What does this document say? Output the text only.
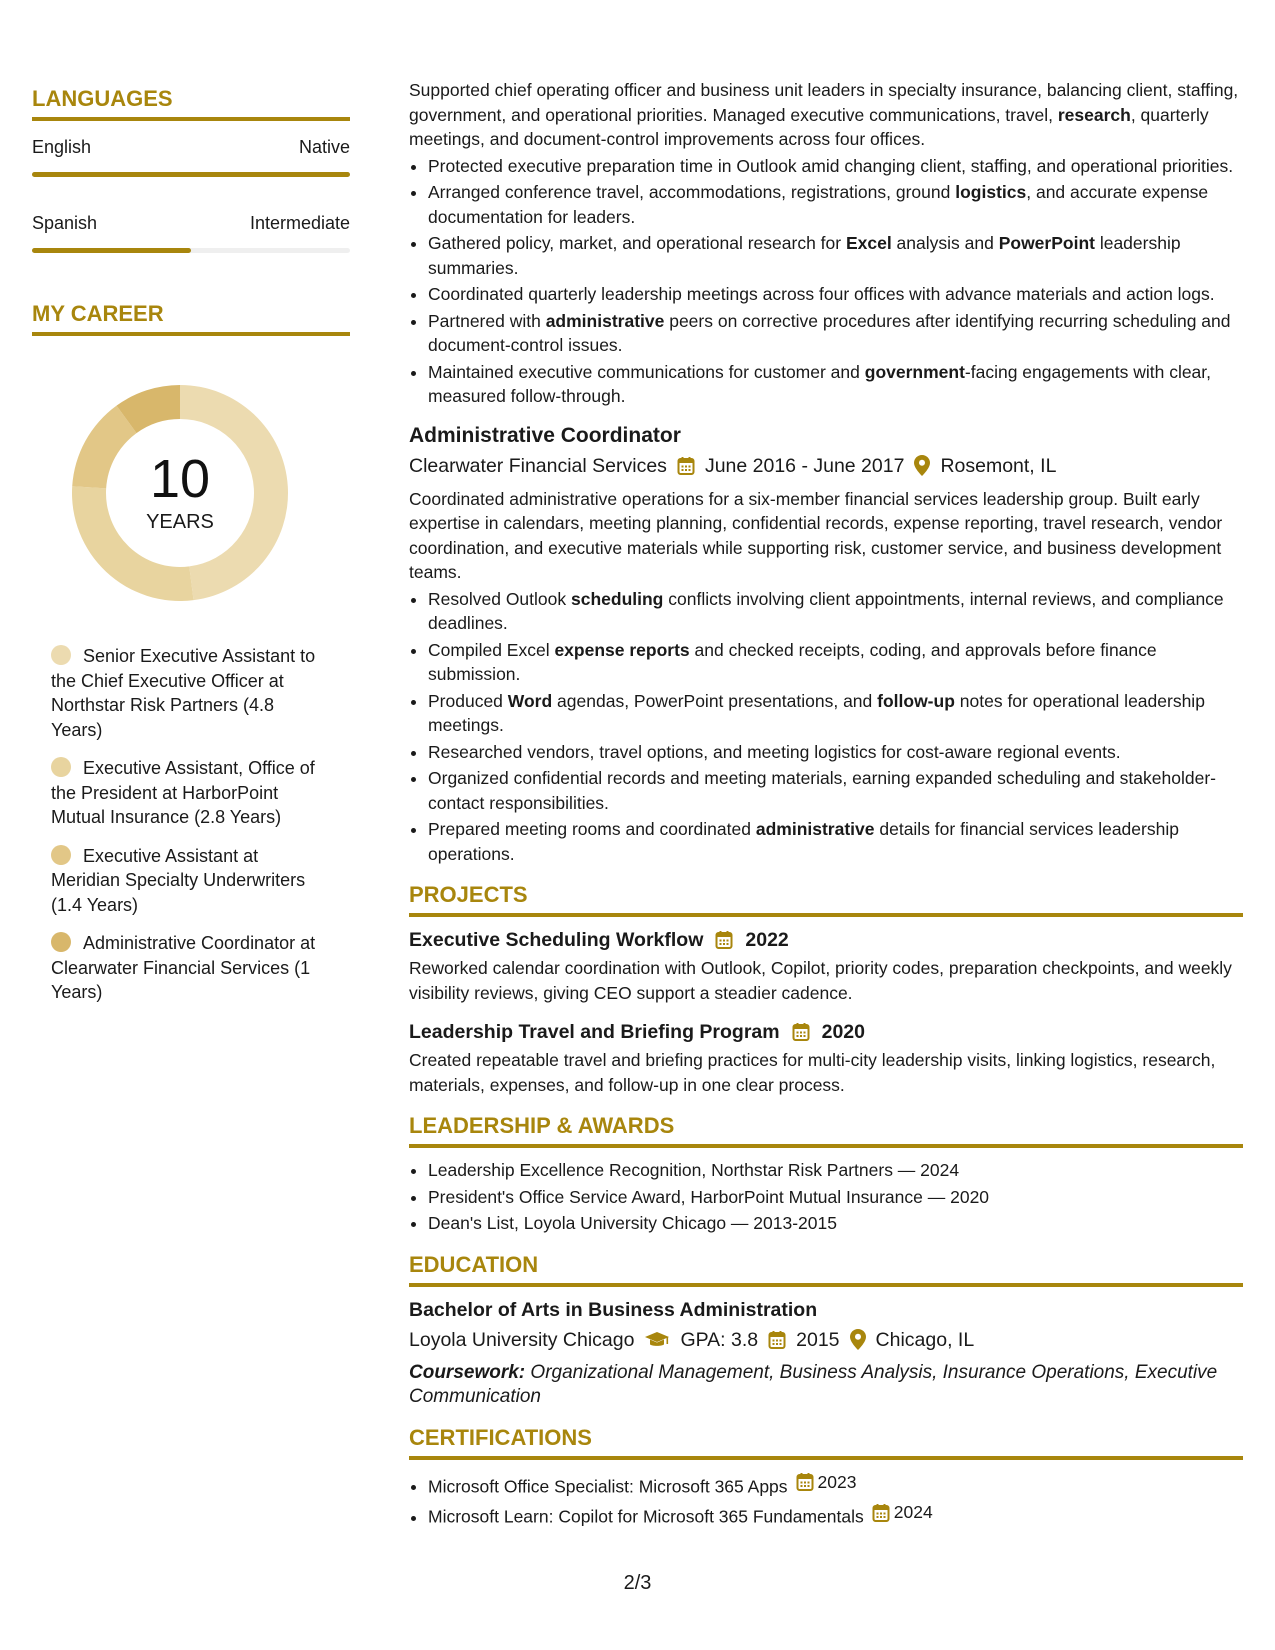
LANGUAGES
English	Native
Spanish	Intermediate
MY CAREER
10
YEARS
Senior Executive Assistant to the Chief Executive Officer at Northstar Risk Partners (4.8 Years)
Executive Assistant, Office of the President at HarborPoint Mutual Insurance (2.8 Years)
Executive Assistant at Meridian Specialty Underwriters (1.4 Years)
Administrative Coordinator at Clearwater Financial Services (1 Years)

Supported chief operating officer and business unit leaders in specialty insurance, balancing client, staffing, government, and operational priorities. Managed executive communications, travel, research, quarterly meetings, and document-control improvements across four offices.

• Protected executive preparation time in Outlook amid changing client, staffing, and operational priorities.
• Arranged conference travel, accommodations, registrations, ground logistics, and accurate expense documentation for leaders.
• Gathered policy, market, and operational research for Excel analysis and PowerPoint leadership summaries.
• Coordinated quarterly leadership meetings across four offices with advance materials and action logs.
• Partnered with administrative peers on corrective procedures after identifying recurring scheduling and document-control issues.
• Maintained executive communications for customer and government-facing engagements with clear, measured follow-through.
Administrative Coordinator
Clearwater Financial Services June 2016 - June 2017 Rosemont, IL

Coordinated administrative operations for a six-member financial services leadership group. Built early expertise in calendars, meeting planning, confidential records, expense reporting, travel research, vendor coordination, and executive materials while supporting risk, customer service, and business development teams.

• Resolved Outlook scheduling conflicts involving client appointments, internal reviews, and compliance deadlines.
• Compiled Excel expense reports and checked receipts, coding, and approvals before finance submission.
• Produced Word agendas, PowerPoint presentations, and follow-up notes for operational leadership meetings.
• Researched vendors, travel options, and meeting logistics for cost-aware regional events.
• Organized confidential records and meeting materials, earning expanded scheduling and stakeholder-contact responsibilities.
• Prepared meeting rooms and coordinated administrative details for financial services leadership operations.
PROJECTS
Executive Scheduling Workflow 2022

Reworked calendar coordination with Outlook, Copilot, priority codes, preparation checkpoints, and weekly visibility reviews, giving CEO support a steadier cadence.

Leadership Travel and Briefing Program 2020

Created repeatable travel and briefing practices for multi-city leadership visits, linking logistics, research, materials, expenses, and follow-up in one clear process.

LEADERSHIP & AWARDS
• Leadership Excellence Recognition, Northstar Risk Partners — 2024
• President's Office Service Award, HarborPoint Mutual Insurance — 2020
• Dean's List, Loyola University Chicago — 2013-2015
EDUCATION
Bachelor of Arts in Business Administration
Loyola University Chicago GPA: 3.8 2015 Chicago, IL

Coursework: Organizational Management, Business Analysis, Insurance Operations, Executive Communication

CERTIFICATIONS
• Microsoft Office Specialist: Microsoft 365 Apps 2023
• Microsoft Learn: Copilot for Microsoft 365 Fundamentals 2024
2/3
